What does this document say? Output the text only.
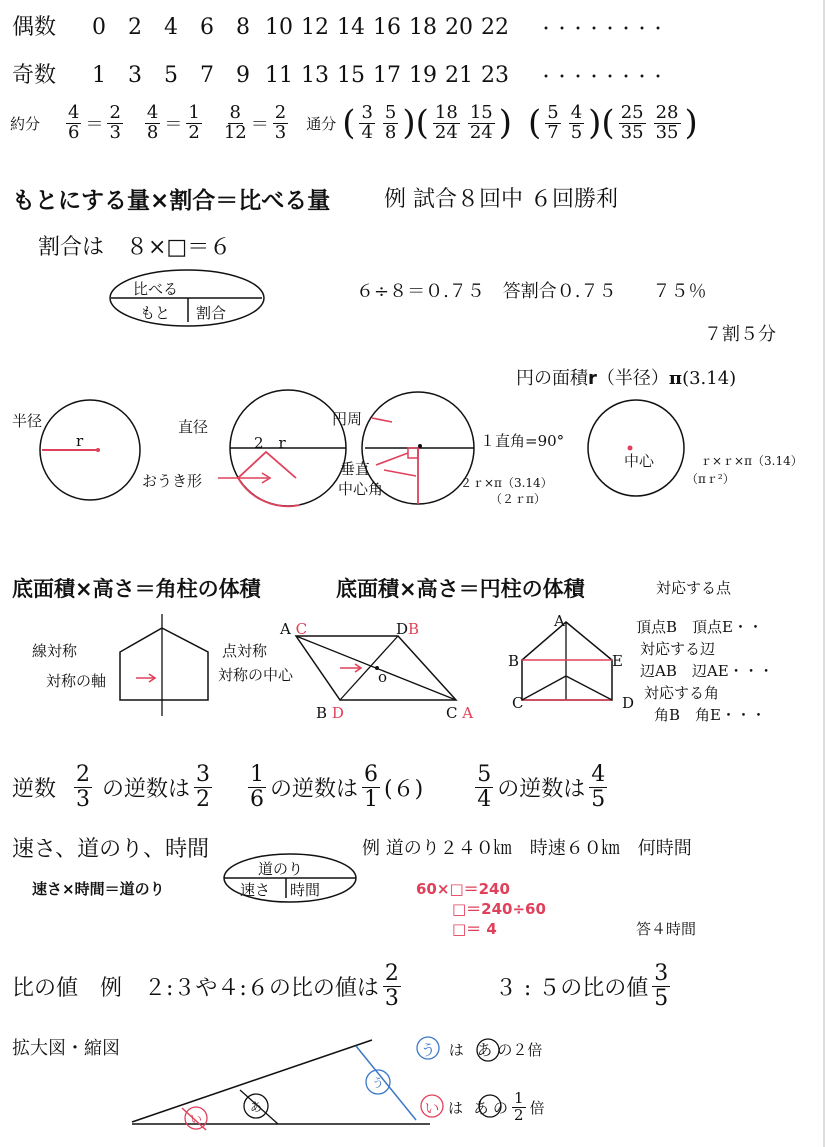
偶数 0 2 4 6 8 10 12 14 16 18 20 22 ・・・・・・・・
奇数 1 3 5 7 9 11 13 15 17 19 21 23 ・・・・・・・・
約分 $\frac{4}{6} = \frac{2}{3} \frac{4}{8} = \frac{1}{2} \frac{8}{12} = \frac{2}{3}$ 通分 ( $\frac{3}{4} \frac{5}{8}$ ) ( $\frac{18}{24} \frac{15}{24}$ ) ( $\frac{5}{7} \frac{4}{5}$ ) ( $\frac{25}{35} \frac{28}{35}$ )
もとにする量×割合＝比べる量 例 試合８回中 ６回勝利
割合は　８×□＝６
比べる
もと 割合
６÷８＝０.７５　答割合０.７５　　７５％
７割５分
円の面積r（半径）π(3.14)
半径
r
直径
2　r
おうき形
円周
１直角=90°
垂直
中心角	２ｒ×π（3.14）
（２ｒπ）
中心	ｒ×ｒ×π（3.14）
（πｒ²）
底面積×高さ＝角柱の体積	底面積×高さ＝円柱の体積	対応する点
線対称
対称の軸
点対称
対称の中心
A C	DB
B D	C A
o
A
B	E
C	D
頂点B　頂点E・・
対応する辺
辺AB　辺AE・・・
対応する角
角B　角E・・・
逆数 $\frac{2}{3}$ の逆数は $\frac{3}{2} \frac{1}{6}$ の逆数は $\frac{6}{1} (6) \frac{5}{4}$ の逆数は $\frac{4}{5}$
速さ、道のり、時間	例 道のり２４０㎞　時速６０㎞　何時間
速さ×時間＝道のり
道のり
速さ 時間	60×□＝240
□＝240÷60
□＝ 4	答４時間
比の値　例　２:３や４:６の比の値は $\frac{2}{3}$	３ : ５の比の値 $\frac{3}{5}$
拡大図・縮図
う
あ
い
う は あ の２倍
い は あ の $\frac{1}{2}$ 倍
